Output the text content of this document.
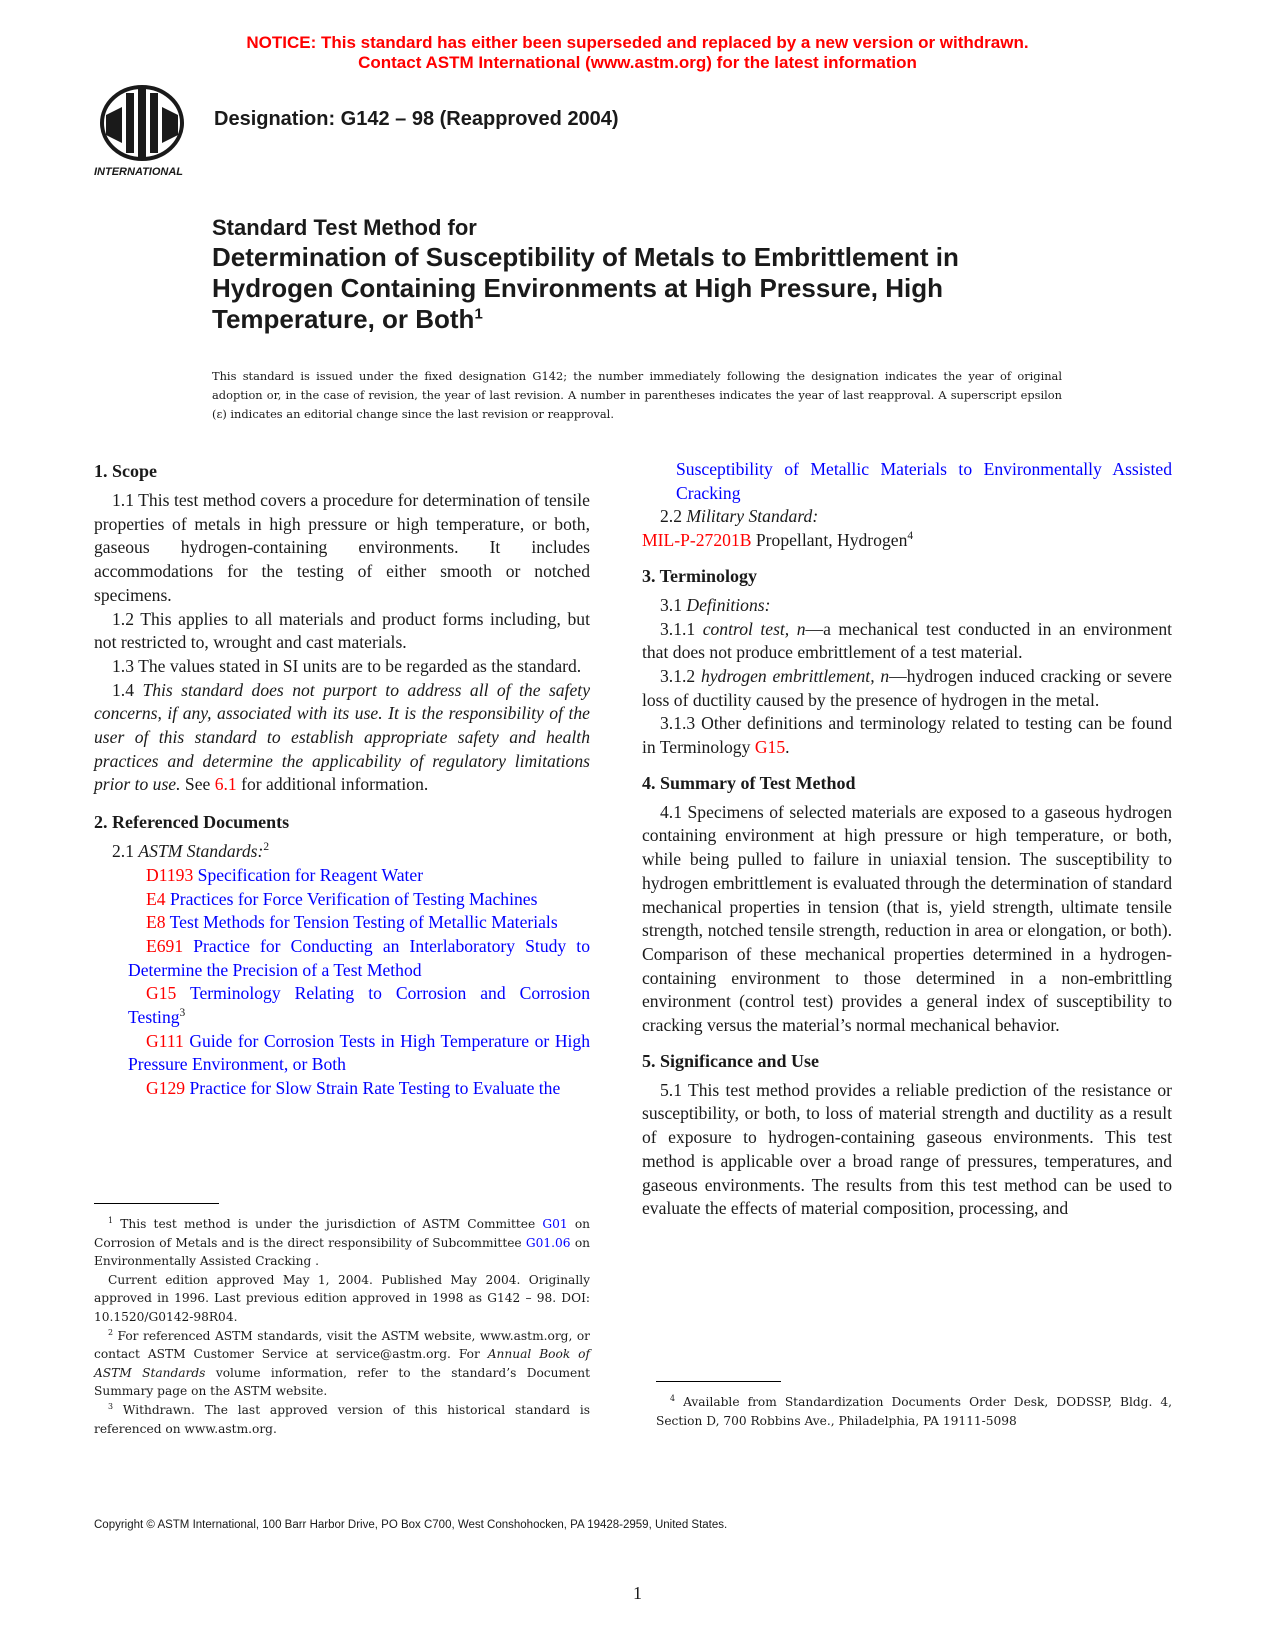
NOTICE: This standard has either been superseded and replaced by a new version or withdrawn.
Contact ASTM International (www.astm.org) for the latest information
INTERNATIONAL
Designation: G142 – 98 (Reapproved 2004)
Standard Test Method for
Determination of Susceptibility of Metals to Embrittlement in
Hydrogen Containing Environments at High Pressure, High
Temperature, or Both$^1$
This standard is issued under the fixed designation G142; the number immediately following the designation indicates the year of original adoption or, in the case of revision, the year of last revision. A number in parentheses indicates the year of last reapproval. A superscript epsilon (ε) indicates an editorial change since the last revision or reapproval.
1. Scope

1.1 This test method covers a procedure for determination of tensile properties of metals in high pressure or high temperature, or both, gaseous hydrogen-containing environments. It includes accommodations for the testing of either smooth or notched specimens.

1.2 This applies to all materials and product forms including, but not restricted to, wrought and cast materials.

1.3 The values stated in SI units are to be regarded as the standard.

1.4 This standard does not purport to address all of the safety concerns, if any, associated with its use. It is the responsibility of the user of this standard to establish appropriate safety and health practices and determine the applicability of regulatory limitations prior to use. See 6.1 for additional information.

2. Referenced Documents

2.1 ASTM Standards:$^2$

D1193 Specification for Reagent Water

E4 Practices for Force Verification of Testing Machines

E8 Test Methods for Tension Testing of Metallic Materials

E691 Practice for Conducting an Interlaboratory Study to Determine the Precision of a Test Method

G15 Terminology Relating to Corrosion and Corrosion Testing$^3$

G111 Guide for Corrosion Tests in High Temperature or High Pressure Environment, or Both

G129 Practice for Slow Strain Rate Testing to Evaluate the

$^1$ This test method is under the jurisdiction of ASTM Committee G01 on Corrosion of Metals and is the direct responsibility of Subcommittee G01.06 on Environmentally Assisted Cracking .

Current edition approved May 1, 2004. Published May 2004. Originally approved in 1996. Last previous edition approved in 1998 as G142 – 98. DOI: 10.1520/G0142-98R04.

$^2$ For referenced ASTM standards, visit the ASTM website, www.astm.org, or contact ASTM Customer Service at service@astm.org. For Annual Book of ASTM Standards volume information, refer to the standard’s Document Summary page on the ASTM website.

$^3$ Withdrawn. The last approved version of this historical standard is referenced on www.astm.org.

Susceptibility of Metallic Materials to Environmentally Assisted Cracking

2.2 Military Standard:

MIL-P-27201B Propellant, Hydrogen$^4$

3. Terminology

3.1 Definitions:

3.1.1 control test, n—a mechanical test conducted in an environment that does not produce embrittlement of a test material.

3.1.2 hydrogen embrittlement, n—hydrogen induced cracking or severe loss of ductility caused by the presence of hydrogen in the metal.

3.1.3 Other definitions and terminology related to testing can be found in Terminology G15.

4. Summary of Test Method

4.1 Specimens of selected materials are exposed to a gaseous hydrogen containing environment at high pressure or high temperature, or both, while being pulled to failure in uniaxial tension. The susceptibility to hydrogen embrittlement is evaluated through the determination of standard mechanical properties in tension (that is, yield strength, ultimate tensile strength, notched tensile strength, reduction in area or elongation, or both). Comparison of these mechanical properties determined in a hydrogen-containing environment to those determined in a non-embrittling environment (control test) provides a general index of susceptibility to cracking versus the material’s normal mechanical behavior.

5. Significance and Use

5.1 This test method provides a reliable prediction of the resistance or susceptibility, or both, to loss of material strength and ductility as a result of exposure to hydrogen-containing gaseous environments. This test method is applicable over a broad range of pressures, temperatures, and gaseous environments. The results from this test method can be used to evaluate the effects of material composition, processing, and

$^4$ Available from Standardization Documents Order Desk, DODSSP, Bldg. 4, Section D, 700 Robbins Ave., Philadelphia, PA 19111-5098

Copyright © ASTM International, 100 Barr Harbor Drive, PO Box C700, West Conshohocken, PA 19428-2959, United States.
1
